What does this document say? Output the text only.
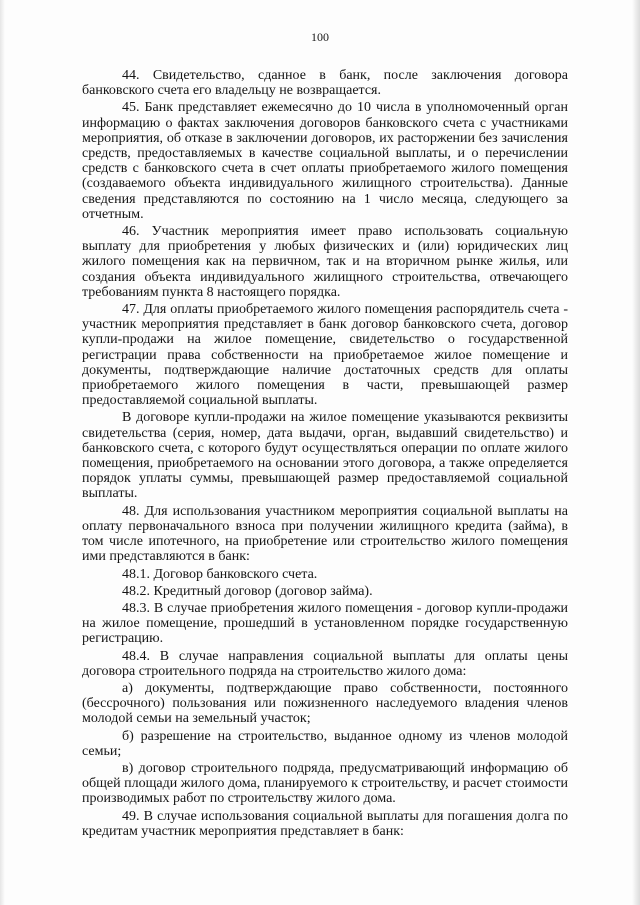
100

44. Свидетельство, сданное в банк, после заключения договора банковского счета его владельцу не возвращается.

45. Банк представляет ежемесячно до 10 числа в уполномоченный орган информацию о фактах заключения договоров банковского счета с участниками мероприятия, об отказе в заключении договоров, их расторжении без зачисления средств, предоставляемых в качестве социальной выплаты, и о перечислении средств с банковского счета в счет оплаты приобретаемого жилого помещения (создаваемого объекта индивидуального жилищного строительства). Данные сведения представляются по состоянию на 1 число месяца, следующего за отчетным.

46. Участник мероприятия имеет право использовать социальную выплату для приобретения у любых физических и (или) юридических лиц жилого помещения как на первичном, так и на вторичном рынке жилья, или создания объекта индивидуального жилищного строительства, отвечающего требованиям пункта 8 настоящего порядка.

47. Для оплаты приобретаемого жилого помещения распорядитель счета - участник мероприятия представляет в банк договор банковского счета, договор купли-продажи на жилое помещение, свидетельство о государственной регистрации права собственности на приобретаемое жилое помещение и документы, подтверждающие наличие достаточных средств для оплаты приобретаемого жилого помещения в части, превышающей размер предоставляемой социальной выплаты.

В договоре купли-продажи на жилое помещение указываются реквизиты свидетельства (серия, номер, дата выдачи, орган, выдавший свидетельство) и банковского счета, с которого будут осуществляться операции по оплате жилого помещения, приобретаемого на основании этого договора, а также определяется порядок уплаты суммы, превышающей размер предоставляемой социальной выплаты.

48. Для использования участником мероприятия социальной выплаты на оплату первоначального взноса при получении жилищного кредита (займа), в том числе ипотечного, на приобретение или строительство жилого помещения ими представляются в банк:

48.1. Договор банковского счета.

48.2. Кредитный договор (договор займа).

48.3. В случае приобретения жилого помещения - договор купли-продажи на жилое помещение, прошедший в установленном порядке государственную регистрацию.

48.4. В случае направления социальной выплаты для оплаты цены договора строительного подряда на строительство жилого дома:

а) документы, подтверждающие право собственности, постоянного (бессрочного) пользования или пожизненного наследуемого владения членов молодой семьи на земельный участок;

б) разрешение на строительство, выданное одному из членов молодой семьи;

в) договор строительного подряда, предусматривающий информацию об общей площади жилого дома, планируемого к строительству, и расчет стоимости производимых работ по строительству жилого дома.

49. В случае использования социальной выплаты для погашения долга по кредитам участник мероприятия представляет в банк:
